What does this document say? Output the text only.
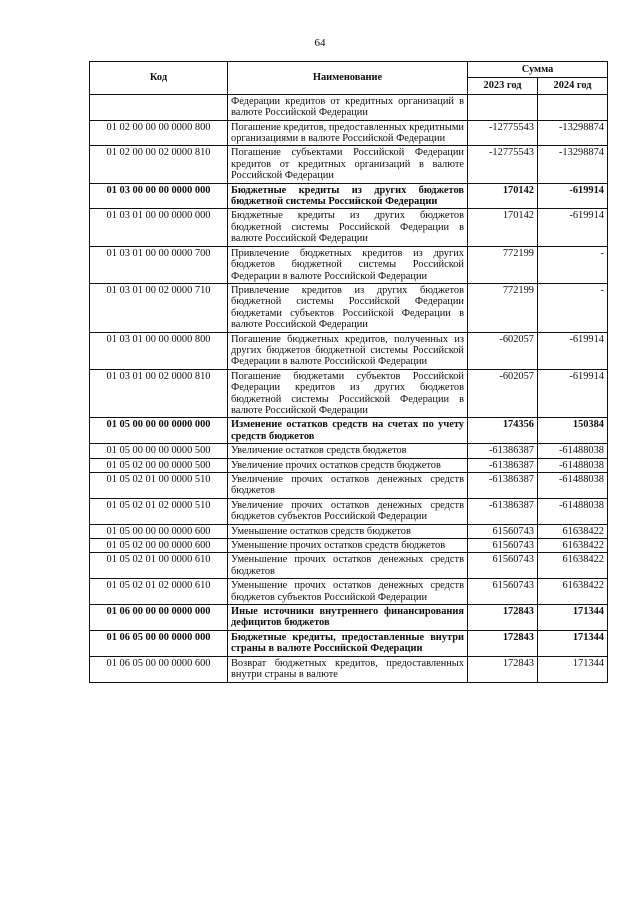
64
Код	Наименование	Сумма	
		2023 год	2024 год
	Федерации кредитов от кредитных организаций в валюте Российской Федерации		
01 02 00 00 00 0000 800	Погашение кредитов, предоставленных кредитными организациями в валюте Российской Федерации	-12775543	-13298874
01 02 00 00 02 0000 810	Погашение субъектами Российской Федерации кредитов от кредитных организаций в валюте Российской Федерации	-12775543	-13298874
01 03 00 00 00 0000 000	Бюджетные кредиты из других бюджетов бюджетной системы Российской Федерации	170142	-619914
01 03 01 00 00 0000 000	Бюджетные кредиты из других бюджетов бюджетной системы Российской Федерации в валюте Российской Федерации	170142	-619914
01 03 01 00 00 0000 700	Привлечение бюджетных кредитов из других бюджетов бюджетной системы Российской Федерации в валюте Российской Федерации	772199	-
01 03 01 00 02 0000 710	Привлечение кредитов из других бюджетов бюджетной системы Российской Федерации бюджетами субъектов Российской Федерации в валюте Российской Федерации	772199	-
01 03 01 00 00 0000 800	Погашение бюджетных кредитов, полученных из других бюджетов бюджетной системы Российской Федерации в валюте Российской Федерации	-602057	-619914
01 03 01 00 02 0000 810	Погашение бюджетами субъектов Российской Федерации кредитов из других бюджетов бюджетной системы Российской Федерации в валюте Российской Федерации	-602057	-619914
01 05 00 00 00 0000 000	Изменение остатков средств на счетах по учету средств бюджетов	174356	150384
01 05 00 00 00 0000 500	Увеличение остатков средств бюджетов	-61386387	-61488038
01 05 02 00 00 0000 500	Увеличение прочих остатков средств бюджетов	-61386387	-61488038
01 05 02 01 00 0000 510	Увеличение прочих остатков денежных средств бюджетов	-61386387	-61488038
01 05 02 01 02 0000 510	Увеличение прочих остатков денежных средств бюджетов субъектов Российской Федерации	-61386387	-61488038
01 05 00 00 00 0000 600	Уменьшение остатков средств бюджетов	61560743	61638422
01 05 02 00 00 0000 600	Уменьшение прочих остатков средств бюджетов	61560743	61638422
01 05 02 01 00 0000 610	Уменьшение прочих остатков денежных средств бюджетов	61560743	61638422
01 05 02 01 02 0000 610	Уменьшение прочих остатков денежных средств бюджетов субъектов Российской Федерации	61560743	61638422
01 06 00 00 00 0000 000	Иные источники внутреннего финансирования дефицитов бюджетов	172843	171344
01 06 05 00 00 0000 000	Бюджетные кредиты, предоставленные внутри страны в валюте Российской Федерации	172843	171344
01 06 05 00 00 0000 600	Возврат бюджетных кредитов, предоставленных внутри страны в валюте	172843	171344
